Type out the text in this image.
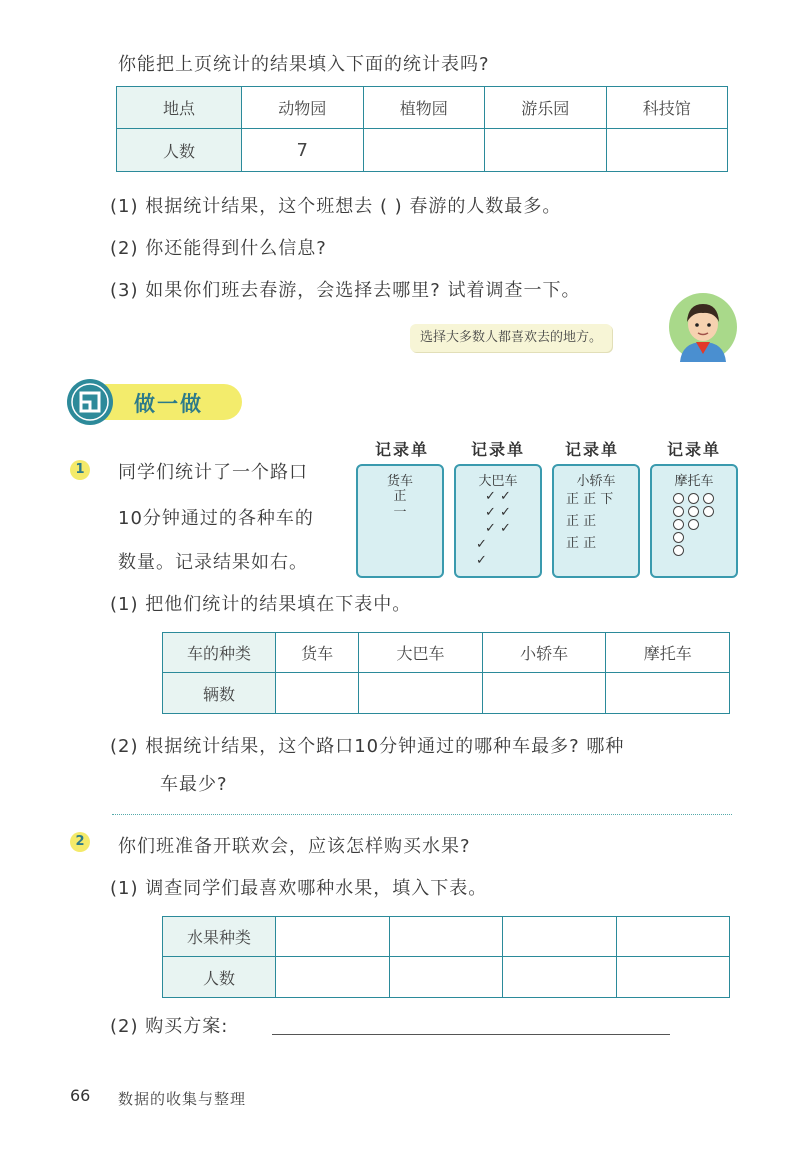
你能把上页统计的结果填入下面的统计表吗?
地点	动物园	植物园	游乐园	科技馆
人数	7			
(1) 根据统计结果，这个班想去 ( ) 春游的人数最多。
(2) 你还能得到什么信息?
(3) 如果你们班去春游，会选择去哪里? 试着调查一下。
选择大多数人都喜欢去的地方。
做一做
1	同学们统计了一个路口
10分钟通过的各种车的
数量。记录结果如右。
记录单	记录单	记录单	记录单
货车
正
一
大巴车
✓ ✓
✓ ✓
✓ ✓
✓
✓
小轿车
正 正 下
正 正
正 正
摩托车
(1) 把他们统计的结果填在下表中。
车的种类	货车	大巴车	小轿车	摩托车
辆数				
(2) 根据统计结果，这个路口10分钟通过的哪种车最多? 哪种
车最少?
2	你们班准备开联欢会，应该怎样购买水果?
(1) 调查同学们最喜欢哪种水果，填入下表。
水果种类				
人数				
(2) 购买方案:
66 数据的收集与整理
